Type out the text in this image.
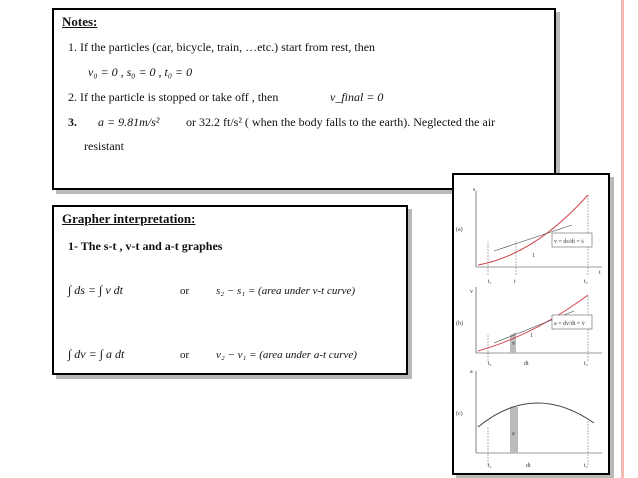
Notes:
1. If the particles (car, bicycle, train, …etc.) start from rest, then
v₀ = 0 , s₀ = 0 , t₀ = 0
2. If the particle is stopped or take off , then	v_final = 0
3. a = 9.81m/s² or 32.2 ft/s² ( when the body falls to the earth). Neglected the air
resistant
Grapher interpretation:
1- The s-t , v-t and a-t graphes
∫ ds = ∫ v dt	or s₂ − s₁ = (area under v-t curve)
∫ dv = ∫ a dt	or v₂ − v₁ = (area under a-t curve)
(a)
s
t
v = ds/dt = ṡ
1
t₁	t	t₂
(b)
v
a = dv/dt = v̇
1
v
t₁	dt	t₂
(c)
a
a
t₁	dt	t₂
